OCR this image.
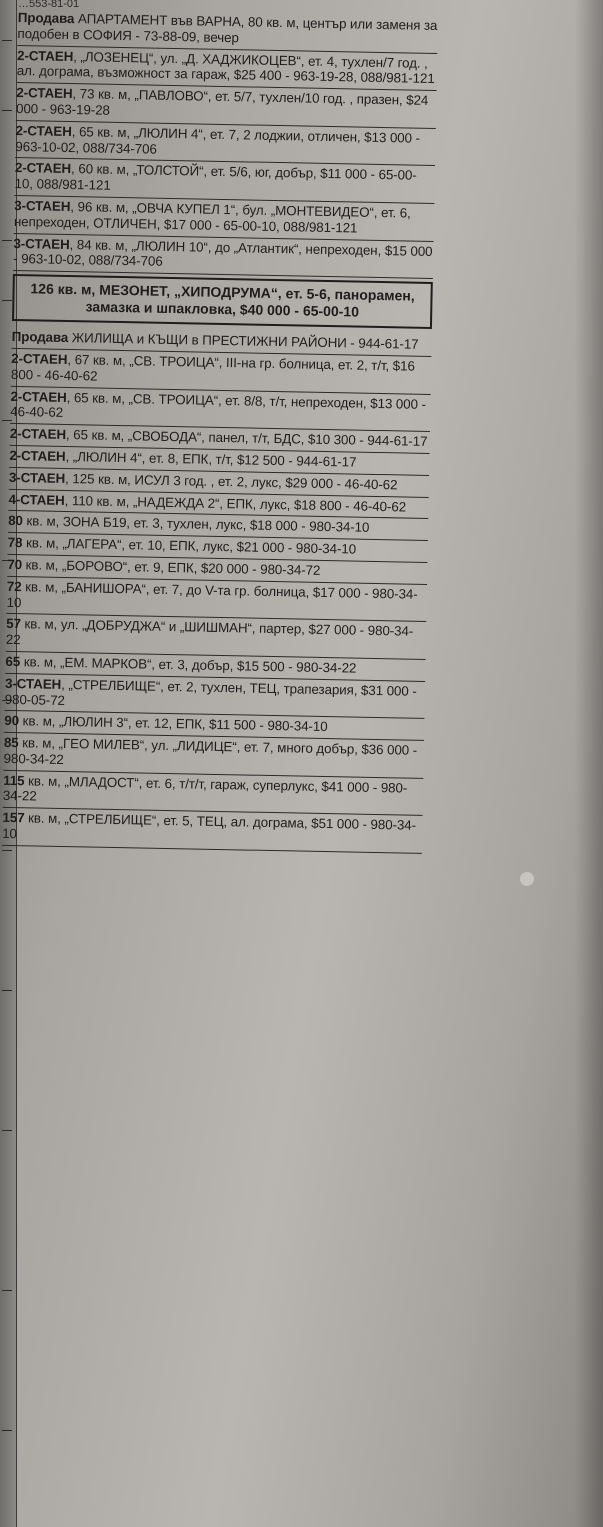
…553-81-01
Продава АПАРТАМЕНТ във ВАРНА, 80 кв. м, център или заменя за подобен в СОФИЯ - 73-88-09, вечер
2-СТАЕН, „ЛОЗЕНЕЦ“, ул. „Д. ХАДЖИКОЦЕВ“, ет. 4, тухлен/7 год. , ал. дограма, възможност за гараж, $25 400 - 963-19-28, 088/981-121
2-СТАЕН, 73 кв. м, „ПАВЛОВО“, ет. 5/7, тухлен/10 год. , празен, $24 000 - 963-19-28
2-СТАЕН, 65 кв. м, „ЛЮЛИН 4“, ет. 7, 2 лоджии, отличен, $13 000 - 963-10-02, 088/734-706
2-СТАЕН, 60 кв. м, „ТОЛСТОЙ“, ет. 5/6, юг, добър, $11 000 - 65-00-10, 088/981-121
3-СТАЕН, 96 кв. м, „ОВЧА КУПЕЛ 1“, бул. „МОНТЕВИДЕО“, ет. 6, непреходен, ОТЛИЧЕН, $17 000 - 65-00-10, 088/981-121
3-СТАЕН, 84 кв. м, „ЛЮЛИН 10“, до „Атлантик“, непреходен, $15 000 - 963-10-02, 088/734-706
126 кв. м, МЕЗОНЕТ, „ХИПОДРУМА“, ет. 5-6, панорамен, замазка и шпакловка, $40 000 - 65-00-10
Продава ЖИЛИЩА и КЪЩИ в ПРЕСТИЖНИ РАЙОНИ - 944-61-17
2-СТАЕН, 67 кв. м, „СВ. ТРОИЦА“, III-на гр. болница, ет. 2, т/т, $16 800 - 46-40-62
2-СТАЕН, 65 кв. м, „СВ. ТРОИЦА“, ет. 8/8, т/т, непреходен, $13 000 - 46-40-62
2-СТАЕН, 65 кв. м, „СВОБОДА“, панел, т/т, БДС, $10 300 - 944-61-17
2-СТАЕН, „ЛЮЛИН 4“, ет. 8, ЕПК, т/т, $12 500 - 944-61-17
3-СТАЕН, 125 кв. м, ИСУЛ 3 год. , ет. 2, лукс, $29 000 - 46-40-62
4-СТАЕН, 110 кв. м, „НАДЕЖДА 2“, ЕПК, лукс, $18 800 - 46-40-62
80 кв. м, ЗОНА Б19, ет. 3, тухлен, лукс, $18 000 - 980-34-10
78 кв. м, „ЛАГЕРА“, ет. 10, ЕПК, лукс, $21 000 - 980-34-10
70 кв. м, „БОРОВО“, ет. 9, ЕПК, $20 000 - 980-34-72
72 кв. м, „БАНИШОРА“, ет. 7, до V-та гр. болница, $17 000 - 980-34-10
57 кв. м, ул. „ДОБРУДЖА“ и „ШИШМАН“, партер, $27 000 - 980-34-22
65 кв. м, „ЕМ. МАРКОВ“, ет. 3, добър, $15 500 - 980-34-22
3-СТАЕН, „СТРЕЛБИЩЕ“, ет. 2, тухлен, ТЕЦ, трапезария, $31 000 - 980-05-72
90 кв. м, „ЛЮЛИН 3“, ет. 12, ЕПК, $11 500 - 980-34-10
85 кв. м, „ГЕО МИЛЕВ“, ул. „ЛИДИЦЕ“, ет. 7, много добър, $36 000 - 980-34-22
115 кв. м, „МЛАДОСТ“, ет. 6, т/т/т, гараж, суперлукс, $41 000 - 980-34-22
157 кв. м, „СТРЕЛБИЩЕ“, ет. 5, ТЕЦ, ал. дограма, $51 000 - 980-34-10
